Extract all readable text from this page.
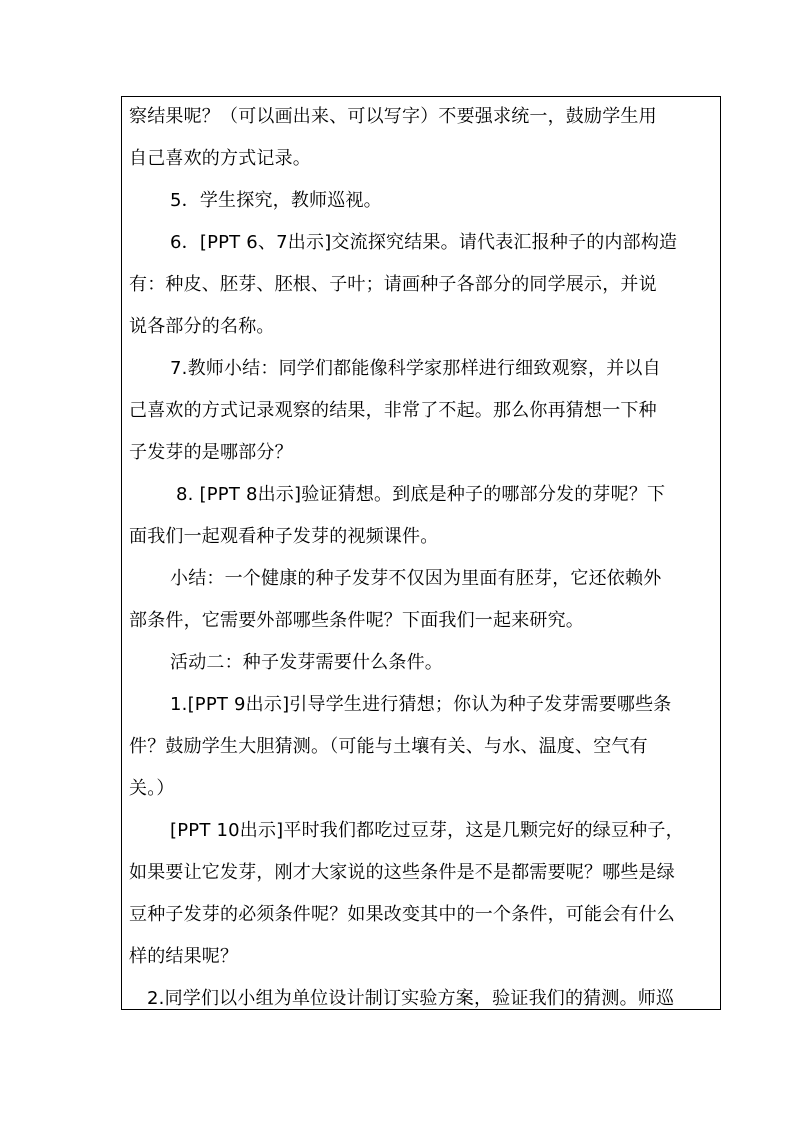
察结果呢？（可以画出来、可以写字）不要强求统一，鼓励学生用
自己喜欢的方式记录。
5．学生探究，教师巡视。
6．[PPT 6、7出示]交流探究结果。请代表汇报种子的内部构造
有：种皮、胚芽、胚根、子叶；请画种子各部分的同学展示，并说
说各部分的名称。
7.教师小结：同学们都能像科学家那样进行细致观察，并以自
己喜欢的方式记录观察的结果，非常了不起。那么你再猜想一下种
子发芽的是哪部分？
8. [PPT 8出示]验证猜想。到底是种子的哪部分发的芽呢？下
面我们一起观看种子发芽的视频课件。
小结：一个健康的种子发芽不仅因为里面有胚芽，它还依赖外
部条件，它需要外部哪些条件呢？下面我们一起来研究。
活动二：种子发芽需要什么条件。
1.[PPT 9出示]引导学生进行猜想；你认为种子发芽需要哪些条
件？鼓励学生大胆猜测。（可能与土壤有关、与水、温度、空气有
关。）
[PPT 10出示]平时我们都吃过豆芽，这是几颗完好的绿豆种子，
如果要让它发芽，刚才大家说的这些条件是不是都需要呢？哪些是绿
豆种子发芽的必须条件呢？如果改变其中的一个条件，可能会有什么
样的结果呢？
2.同学们以小组为单位设计制订实验方案，验证我们的猜测。师巡
